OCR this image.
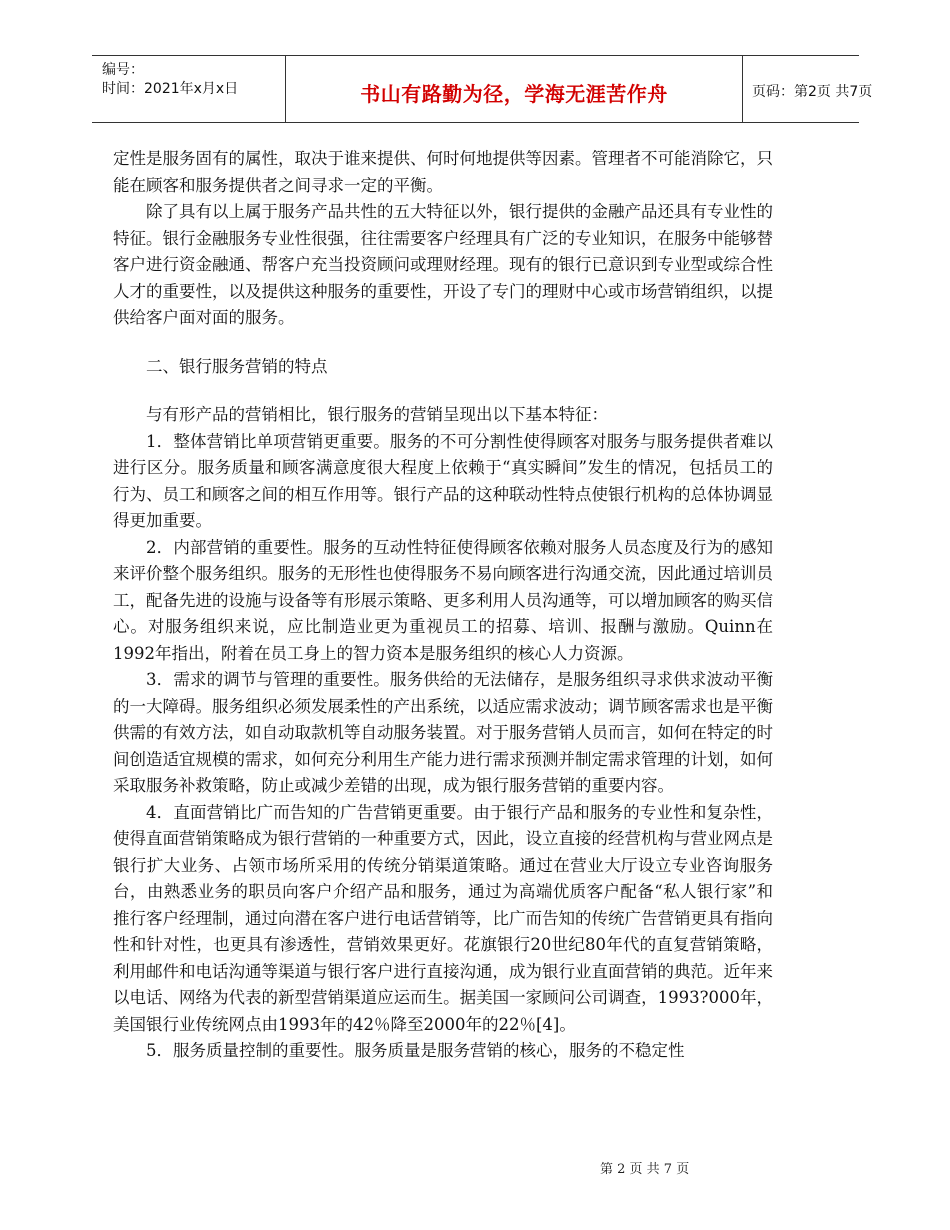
编号：
时间：2021年x月x日	书山有路勤为径，学海无涯苦作舟	页码：第2页 共7页

定性是服务固有的属性，取决于谁来提供、何时何地提供等因素。管理者不可能消除它，只能在顾客和服务提供者之间寻求一定的平衡。

除了具有以上属于服务产品共性的五大特征以外，银行提供的金融产品还具有专业性的特征。银行金融服务专业性很强，往往需要客户经理具有广泛的专业知识，在服务中能够替客户进行资金融通、帮客户充当投资顾问或理财经理。现有的银行已意识到专业型或综合性人才的重要性，以及提供这种服务的重要性，开设了专门的理财中心或市场营销组织，以提供给客户面对面的服务。

二、银行服务营销的特点

与有形产品的营销相比，银行服务的营销呈现出以下基本特征：

1．整体营销比单项营销更重要。服务的不可分割性使得顾客对服务与服务提供者难以进行区分。服务质量和顾客满意度很大程度上依赖于“真实瞬间”发生的情况，包括员工的行为、员工和顾客之间的相互作用等。银行产品的这种联动性特点使银行机构的总体协调显得更加重要。

2．内部营销的重要性。服务的互动性特征使得顾客依赖对服务人员态度及行为的感知来评价整个服务组织。服务的无形性也使得服务不易向顾客进行沟通交流，因此通过培训员工，配备先进的设施与设备等有形展示策略、更多利用人员沟通等，可以增加顾客的购买信心。对服务组织来说，应比制造业更为重视员工的招募、培训、报酬与激励。Quinn在1992年指出，附着在员工身上的智力资本是服务组织的核心人力资源。

3．需求的调节与管理的重要性。服务供给的无法储存，是服务组织寻求供求波动平衡的一大障碍。服务组织必须发展柔性的产出系统，以适应需求波动；调节顾客需求也是平衡供需的有效方法，如自动取款机等自动服务装置。对于服务营销人员而言，如何在特定的时间创造适宜规模的需求，如何充分利用生产能力进行需求预测并制定需求管理的计划，如何采取服务补救策略，防止或减少差错的出现，成为银行服务营销的重要内容。

4．直面营销比广而告知的广告营销更重要。由于银行产品和服务的专业性和复杂性，使得直面营销策略成为银行营销的一种重要方式，因此，设立直接的经营机构与营业网点是银行扩大业务、占领市场所采用的传统分销渠道策略。通过在营业大厅设立专业咨询服务台，由熟悉业务的职员向客户介绍产品和服务，通过为高端优质客户配备“私人银行家”和推行客户经理制，通过向潜在客户进行电话营销等，比广而告知的传统广告营销更具有指向性和针对性，也更具有渗透性，营销效果更好。花旗银行20世纪80年代的直复营销策略，利用邮件和电话沟通等渠道与银行客户进行直接沟通，成为银行业直面营销的典范。近年来以电话、网络为代表的新型营销渠道应运而生。据美国一家顾问公司调查，1993?000年，美国银行业传统网点由1993年的42％降至2000年的22％[4]。

5．服务质量控制的重要性。服务质量是服务营销的核心，服务的不稳定性

第 2 页 共 7 页
